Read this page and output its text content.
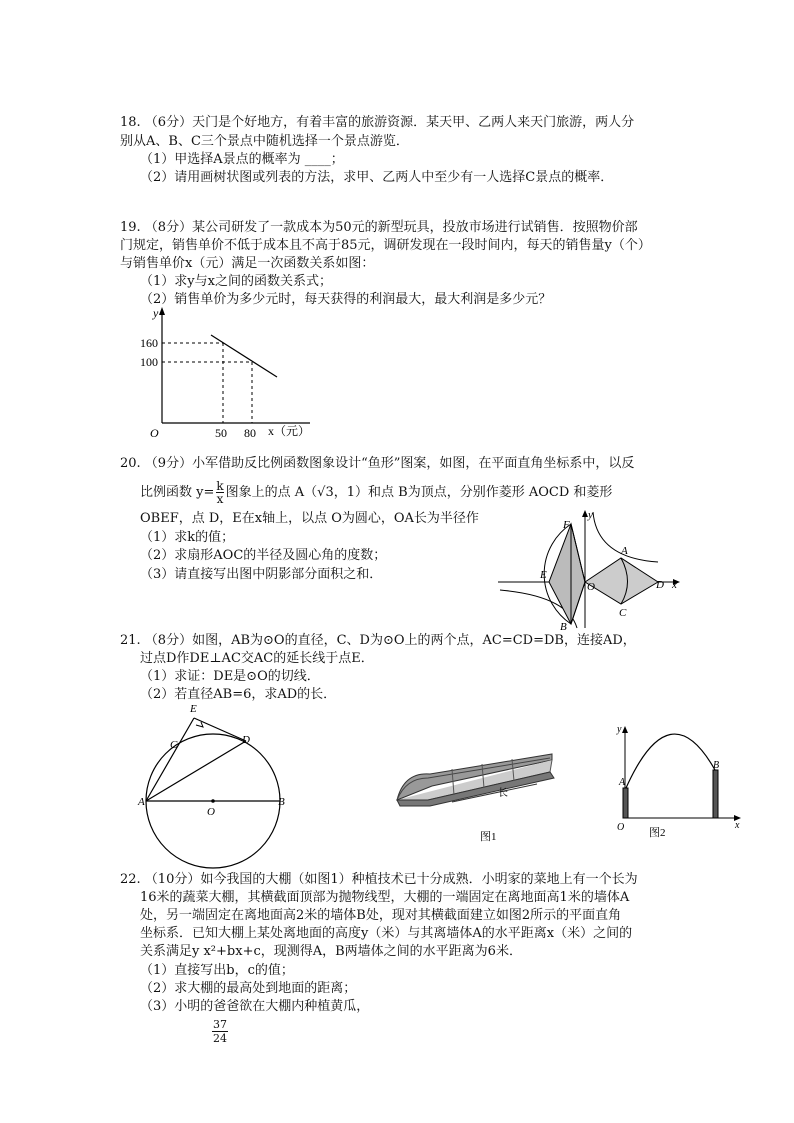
18. （6分）天门是个好地方，有着丰富的旅游资源．某天甲、乙两人来天门旅游，两人分
别从A、B、C三个景点中随机选择一个景点游览．
（1）甲选择A景点的概率为 ____；
（2）请用画树状图或列表的方法，求甲、乙两人中至少有一人选择C景点的概率．
19. （8分）某公司研发了一款成本为50元的新型玩具，投放市场进行试销售．按照物价部
门规定，销售单价不低于成本且不高于85元，调研发现在一段时间内，每天的销售量y（个）
与销售单价x（元）满足一次函数关系如图：
（1）求y与x之间的函数关系式；
（2）销售单价为多少元时，每天获得的利润最大，最大利润是多少元？
y
160
100
O	50 80 x（元）
20. （9分）小军借助反比例函数图象设计“鱼形”图案，如图，在平面直角坐标系中，以反
比例函数 $y= \frac{k}{x}$ 图象上的点 A（√3，1）和点 B为顶点，分别作菱形 AOCD 和菱形
OBEF，点 D，E在x轴上，以点 O为圆心，OA长为半径作
（1）求k的值；
（2）求扇形AOC的半径及圆心角的度数；
（3）请直接写出图中阴影部分面积之和．
F
A
E
O	D
C
B
x
y
21. （8分）如图，AB为⊙O的直径，C、D为⊙O上的两个点，AC=CD=DB，连接AD，
过点D作DE⊥AC交AC的延长线于点E．
（1）求证：DE是⊙O的切线．
（2）若直径AB=6，求AD的长．
E
C	D
A
O
B
长
图1
y
A
B
O	x
图2
22. （10分）如今我国的大棚（如图1）种植技术已十分成熟．小明家的菜地上有一个长为
16米的蔬菜大棚，其横截面顶部为抛物线型，大棚的一端固定在离地面高1米的墙体A
处，另一端固定在离地面高2米的墙体B处，现对其横截面建立如图2所示的平面直角
坐标系．已知大棚上某处离地面的高度y（米）与其离墙体A的水平距离x（米）之间的
关系满足y x²+bx+c，现测得A，B两墙体之间的水平距离为6米．
（1）直接写出b，c的值；
（2）求大棚的最高处到地面的距离；
（3）小明的爸爸欲在大棚内种植黄瓜，
$\frac{37}{24}$
